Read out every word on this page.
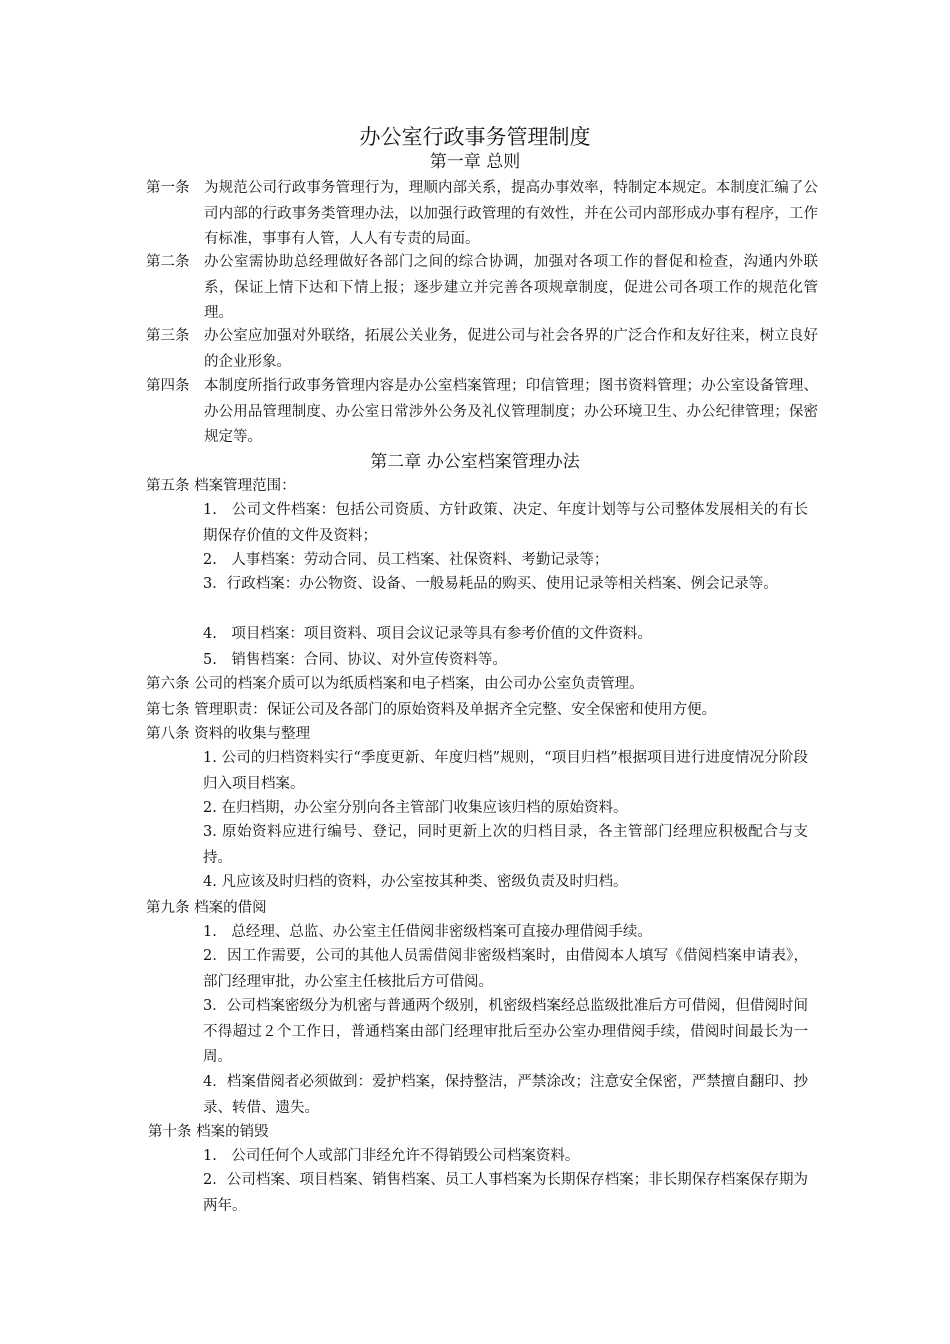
办公室行政事务管理制度
第一章 总则
第一条 为规范公司行政事务管理行为，理顺内部关系，提高办事效率，特制定本规定。本制度汇编了公司内部的行政事务类管理办法，以加强行政管理的有效性，并在公司内部形成办事有程序，工作有标准，事事有人管，人人有专责的局面。
第二条 办公室需协助总经理做好各部门之间的综合协调，加强对各项工作的督促和检查，沟通内外联系，保证上情下达和下情上报；逐步建立并完善各项规章制度，促进公司各项工作的规范化管理。
第三条 办公室应加强对外联络，拓展公关业务，促进公司与社会各界的广泛合作和友好往来，树立良好的企业形象。
第四条 本制度所指行政事务管理内容是办公室档案管理；印信管理；图书资料管理；办公室设备管理、办公用品管理制度、办公室日常涉外公务及礼仪管理制度；办公环境卫生、办公纪律管理；保密规定等。
第二章 办公室档案管理办法
第五条 档案管理范围：
1.　公司文件档案：包括公司资质、方针政策、决定、年度计划等与公司整体发展相关的有长期保存价值的文件及资料；
2.　人事档案：劳动合同、员工档案、社保资料、考勤记录等；
3．行政档案：办公物资、设备、一般易耗品的购买、使用记录等相关档案、例会记录等。
4.　项目档案：项目资料、项目会议记录等具有参考价值的文件资料。
5.　销售档案：合同、协议、对外宣传资料等。
第六条 公司的档案介质可以为纸质档案和电子档案，由公司办公室负责管理。
第七条 管理职责：保证公司及各部门的原始资料及单据齐全完整、安全保密和使用方便。
第八条 资料的收集与整理
1. 公司的归档资料实行“季度更新、年度归档”规则，“项目归档”根据项目进行进度情况分阶段归入项目档案。
2. 在归档期，办公室分别向各主管部门收集应该归档的原始资料。
3. 原始资料应进行编号、登记，同时更新上次的归档目录，各主管部门经理应积极配合与支持。
4. 凡应该及时归档的资料，办公室按其种类、密级负责及时归档。
第九条 档案的借阅
1.　总经理、总监、办公室主任借阅非密级档案可直接办理借阅手续。
2．因工作需要，公司的其他人员需借阅非密级档案时，由借阅本人填写《借阅档案申请表》，部门经理审批，办公室主任核批后方可借阅。
3．公司档案密级分为机密与普通两个级别，机密级档案经总监级批准后方可借阅，但借阅时间不得超过２个工作日，普通档案由部门经理审批后至办公室办理借阅手续，借阅时间最长为一周。
4．档案借阅者必须做到：爱护档案，保持整洁，严禁涂改；注意安全保密，严禁擅自翻印、抄录、转借、遗失。
第十条 档案的销毁
1.　公司任何个人或部门非经允许不得销毁公司档案资料。
2．公司档案、项目档案、销售档案、员工人事档案为长期保存档案；非长期保存档案保存期为两年。
